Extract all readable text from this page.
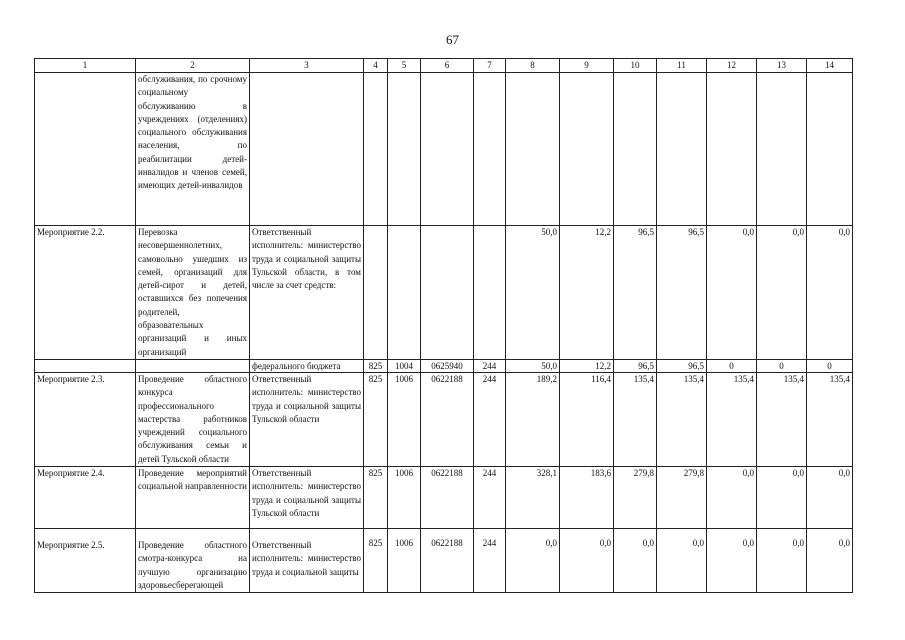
67
1	2	3	4	5	6	7	8	9	10	11	12	13	14
	обслуживания, по срочному социальному обслуживанию в учреждениях (отделениях) социального обслуживания населения, по реабилитации детей-инвалидов и членов семей, имеющих детей-инвалидов												
Мероприятие 2.2.	Перевозка несовершеннолетних, самовольно ушедших из семей, организаций для детей-сирот и детей, оставшихся без попечения родителей, образовательных организаций и иных организаций	Ответственный исполнитель: министерство труда и социальной защиты Тульской области, в том числе за счет средств:					50,0	12,2	96,5	96,5	0,0	0,0	0,0
		федерального бюджета	825	1004	0625940	244	50,0	12,2	96,5	96,5	0	0	0
Мероприятие 2.3.	Проведение областного конкурса профессионального мастерства работников учреждений социального обслуживания семьи и детей Тульской области	Ответственный исполнитель: министерство труда и социальной защиты Тульской области	825	1006	0622188	244	189,2	116,4	135,4	135,4	135,4	135,4	135,4
Мероприятие 2.4.	Проведение мероприятий социальной направленности	Ответственный исполнитель: министерство труда и социальной защиты Тульской области	825	1006	0622188	244	328,1	183,6	279,8	279,8	0,0	0,0	0,0
Мероприятие 2.5.	Проведение областного смотра-конкурса на лучшую организацию здоровьесберегающей	Ответственный исполнитель: министерство труда и социальной защиты	825	1006	0622188	244	0,0	0,0	0,0	0,0	0,0	0,0	0,0
